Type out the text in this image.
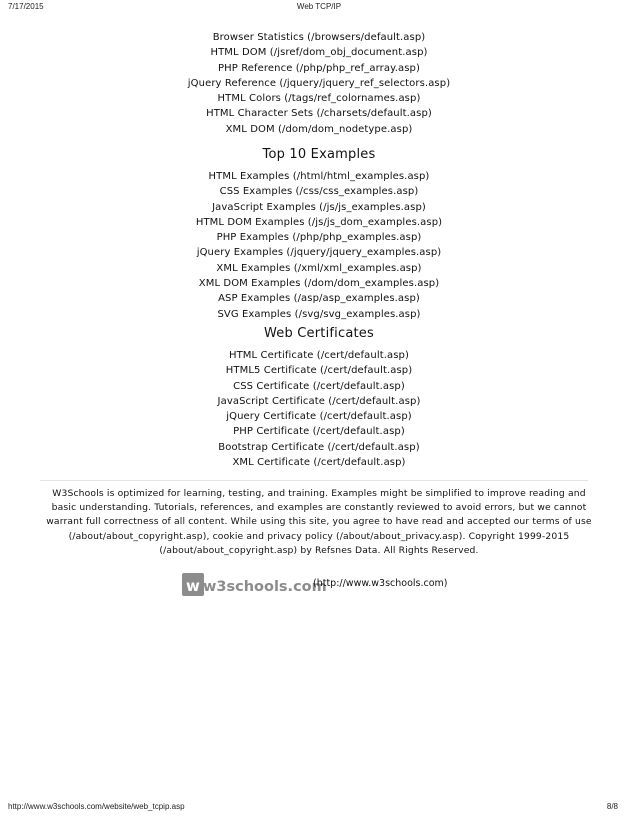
7/17/2015	Web TCP/IP
Browser Statistics (/browsers/default.asp)
HTML DOM (/jsref/dom_obj_document.asp)
PHP Reference (/php/php_ref_array.asp)
jQuery Reference (/jquery/jquery_ref_selectors.asp)
HTML Colors (/tags/ref_colornames.asp)
HTML Character Sets (/charsets/default.asp)
XML DOM (/dom/dom_nodetype.asp)
Top 10 Examples
HTML Examples (/html/html_examples.asp)
CSS Examples (/css/css_examples.asp)
JavaScript Examples (/js/js_examples.asp)
HTML DOM Examples (/js/js_dom_examples.asp)
PHP Examples (/php/php_examples.asp)
jQuery Examples (/jquery/jquery_examples.asp)
XML Examples (/xml/xml_examples.asp)
XML DOM Examples (/dom/dom_examples.asp)
ASP Examples (/asp/asp_examples.asp)
SVG Examples (/svg/svg_examples.asp)
Web Certificates
HTML Certificate (/cert/default.asp)
HTML5 Certificate (/cert/default.asp)
CSS Certificate (/cert/default.asp)
JavaScript Certificate (/cert/default.asp)
jQuery Certificate (/cert/default.asp)
PHP Certificate (/cert/default.asp)
Bootstrap Certificate (/cert/default.asp)
XML Certificate (/cert/default.asp)
W3Schools is optimized for learning, testing, and training. Examples might be simplified to improve reading and basic understanding. Tutorials, references, and examples are constantly reviewed to avoid errors, but we cannot warrant full correctness of all content. While using this site, you agree to have read and accepted our terms of use (/about/about_copyright.asp), cookie and privacy policy (/about/about_privacy.asp). Copyright 1999-2015 (/about/about_copyright.asp) by Refsnes Data. All Rights Reserved.
w w3schools.com
(http://www.w3schools.com)
http://www.w3schools.com/website/web_tcpip.asp	8/8
